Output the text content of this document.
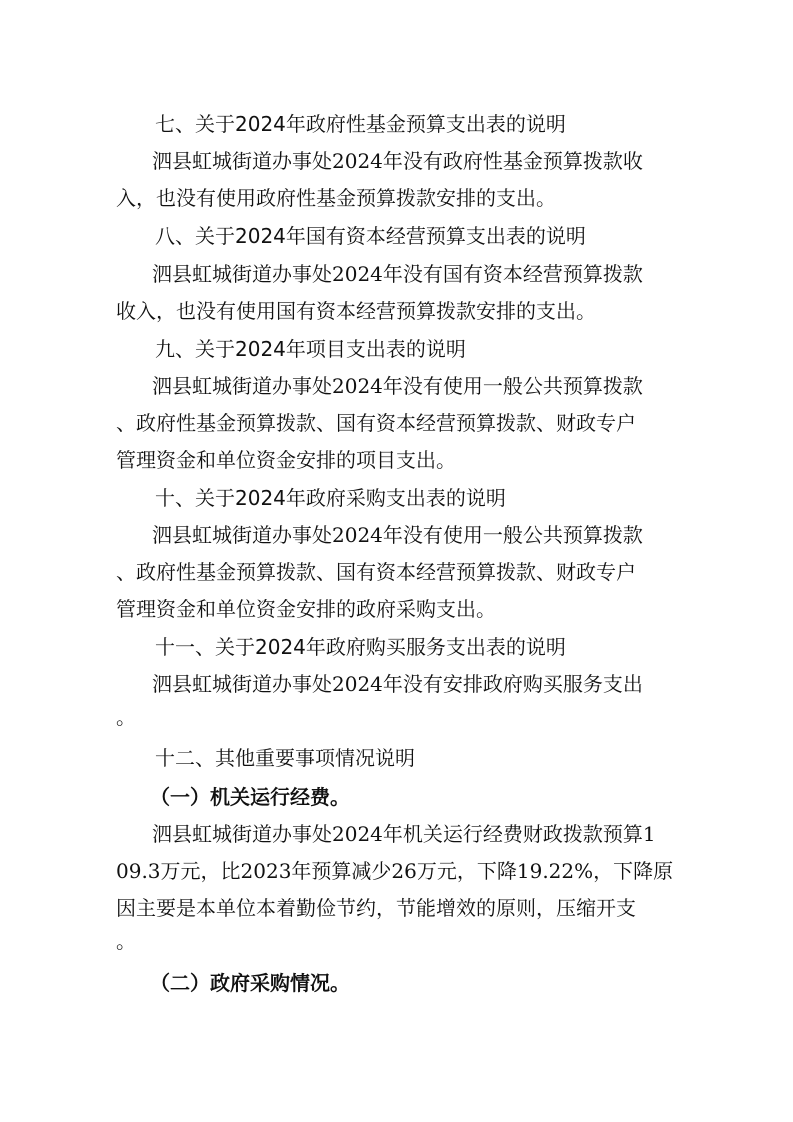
七、关于2024年政府性基金预算支出表的说明
泗县虹城街道办事处2024年没有政府性基金预算拨款收
入，也没有使用政府性基金预算拨款安排的支出。
八、关于2024年国有资本经营预算支出表的说明
泗县虹城街道办事处2024年没有国有资本经营预算拨款
收入，也没有使用国有资本经营预算拨款安排的支出。
九、关于2024年项目支出表的说明
泗县虹城街道办事处2024年没有使用一般公共预算拨款
、政府性基金预算拨款、国有资本经营预算拨款、财政专户
管理资金和单位资金安排的项目支出。
十、关于2024年政府采购支出表的说明
泗县虹城街道办事处2024年没有使用一般公共预算拨款
、政府性基金预算拨款、国有资本经营预算拨款、财政专户
管理资金和单位资金安排的政府采购支出。
十一、关于2024年政府购买服务支出表的说明
泗县虹城街道办事处2024年没有安排政府购买服务支出
。
十二、其他重要事项情况说明
（一）机关运行经费。
泗县虹城街道办事处2024年机关运行经费财政拨款预算1
09.3万元，比2023年预算减少26万元，下降19.22%，下降原
因主要是本单位本着勤俭节约，节能增效的原则，压缩开支
。
（二）政府采购情况。
